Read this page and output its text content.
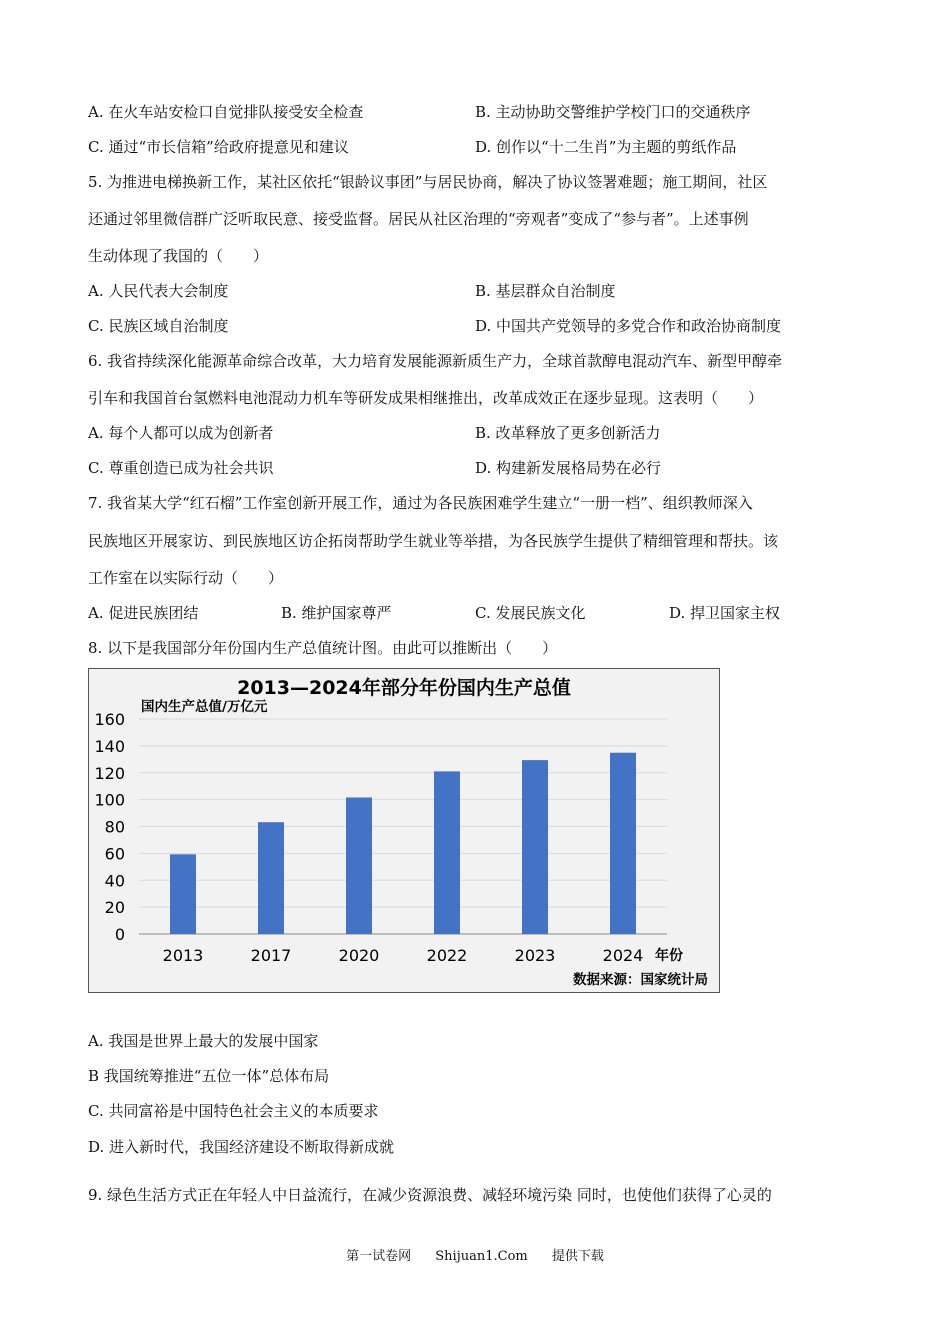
A. 在火车站安检口自觉排队接受安全检查	B. 主动协助交警维护学校门口的交通秩序
C. 通过“市长信箱”给政府提意见和建议	D. 创作以“十二生肖”为主题的剪纸作品
5. 为推进电梯换新工作，某社区依托“银龄议事团”与居民协商，解决了协议签署难题；施工期间，社区
还通过邻里微信群广泛听取民意、接受监督。居民从社区治理的“旁观者”变成了“参与者”。上述事例
生动体现了我国的（　　）
A. 人民代表大会制度	B. 基层群众自治制度
C. 民族区域自治制度	D. 中国共产党领导的多党合作和政治协商制度
6. 我省持续深化能源革命综合改革，大力培育发展能源新质生产力，全球首款醇电混动汽车、新型甲醇牵
引车和我国首台氢燃料电池混动力机车等研发成果相继推出，改革成效正在逐步显现。这表明（　　）
A. 每个人都可以成为创新者	B. 改革释放了更多创新活力
C. 尊重创造已成为社会共识	D. 构建新发展格局势在必行
7. 我省某大学“红石榴”工作室创新开展工作，通过为各民族困难学生建立“一册一档”、组织教师深入
民族地区开展家访、到民族地区访企拓岗帮助学生就业等举措，为各民族学生提供了精细管理和帮扶。该
工作室在以实际行动（　　）
A. 促进民族团结	B. 维护国家尊严	C. 发展民族文化	D. 捍卫国家主权
8. 以下是我国部分年份国内生产总值统计图。由此可以推断出（　　）
0
20
40
60
80
100
120
140
160
2013	2017	2020	2022	2023	2024
2013—2024年部分年份国内生产总值
国内生产总值/万亿元
年份
数据来源：国家统计局
A. 我国是世界上最大的发展中国家
B 我国统筹推进“五位一体”总体布局
C. 共同富裕是中国特色社会主义的本质要求
D. 进入新时代，我国经济建设不断取得新成就
9. 绿色生活方式正在年轻人中日益流行，在减少资源浪费、减轻环境污染 同时，也使他们获得了心灵的
第一试卷网 Shijuan1.Com 提供下载
